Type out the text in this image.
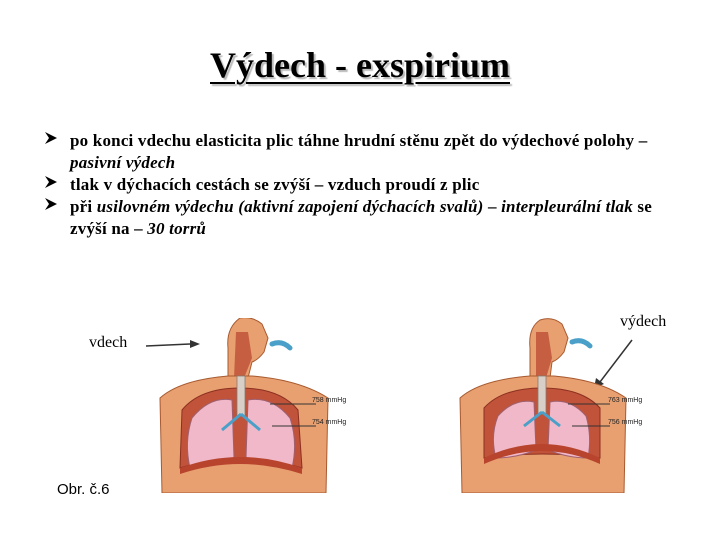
Výdech - exspirium
po konci vdechu elasticita plic táhne hrudní stěnu zpět do výdechové polohy – pasivní výdech
tlak v dýchacích cestách se zvýší – vzduch proudí z plic
při usilovném výdechu (aktivní zapojení dýchacích svalů) – interpleurální tlak se zvýší na – 30 torrů
vdech
výdech
758 mmHg
754 mmHg
763 mmHg
756 mmHg
Obr. č.6
